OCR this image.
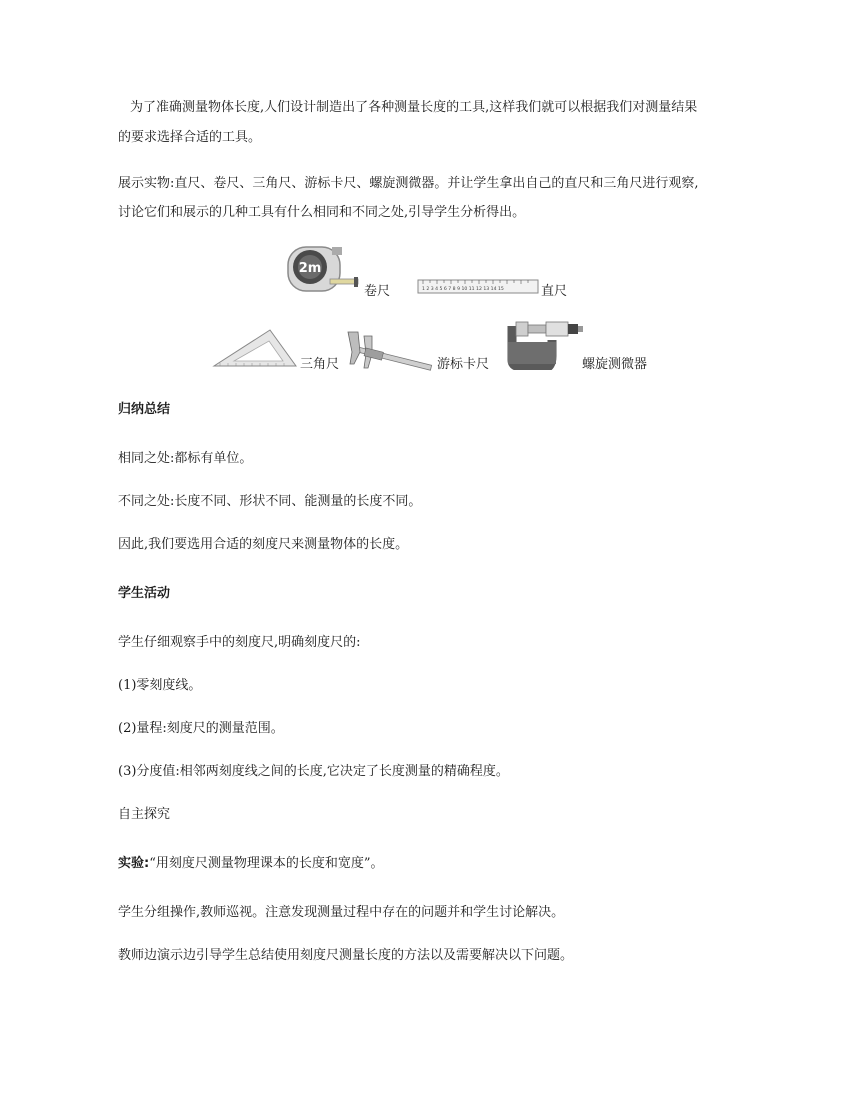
为了准确测量物体长度,人们设计制造出了各种测量长度的工具,这样我们就可以根据我们对测量结果
的要求选择合适的工具。
展示实物:直尺、卷尺、三角尺、游标卡尺、螺旋测微器。并让学生拿出自己的直尺和三角尺进行观察,
讨论它们和展示的几种工具有什么相同和不同之处,引导学生分析得出。
2m
卷尺	1 2 3 4 5 6 7 8 9 10 11 12 13 14 15	直尺
三角尺	游标卡尺	螺旋测微器
归纳总结
相同之处:都标有单位。
不同之处:长度不同、形状不同、能测量的长度不同。
因此,我们要选用合适的刻度尺来测量物体的长度。
学生活动
学生仔细观察手中的刻度尺,明确刻度尺的:
(1)零刻度线。
(2)量程:刻度尺的测量范围。
(3)分度值:相邻两刻度线之间的长度,它决定了长度测量的精确程度。
自主探究
实验:“用刻度尺测量物理课本的长度和宽度”。
学生分组操作,教师巡视。注意发现测量过程中存在的问题并和学生讨论解决。
教师边演示边引导学生总结使用刻度尺测量长度的方法以及需要解决以下问题。
